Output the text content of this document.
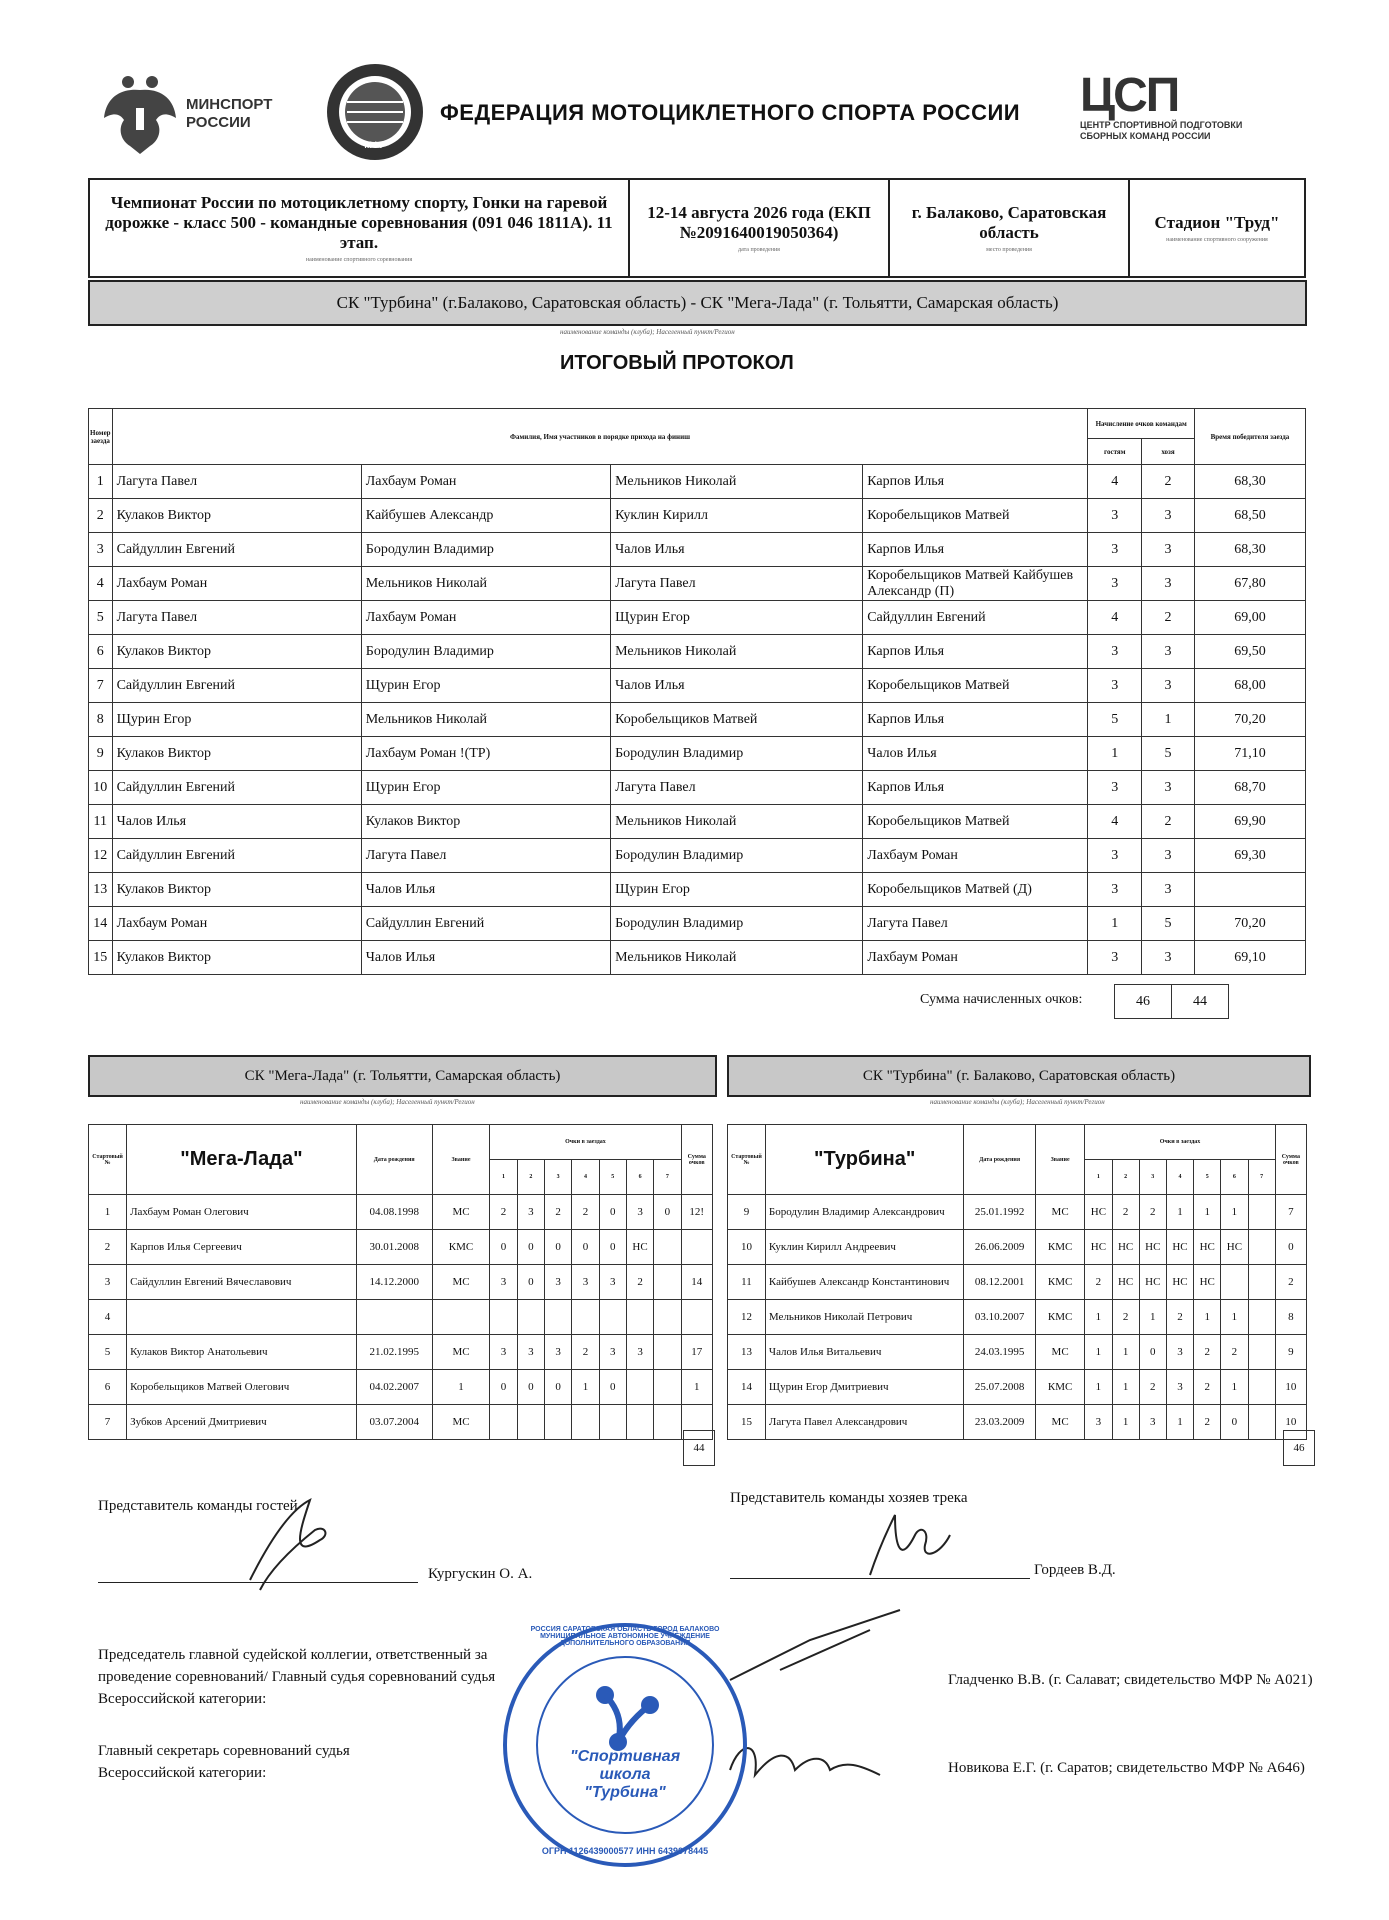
МИНСПОРТ
РОССИИ
МФР
ФЕДЕРАЦИЯ МОТОЦИКЛЕТНОГО СПОРТА РОССИИ ЦСП
ЦЕНТР СПОРТИВНОЙ ПОДГОТОВКИ
СБОРНЫХ КОМАНД РОССИИ
Чемпионат России по мотоциклетному спорту, Гонки на гаревой дорожке - класс 500 - командные соревнования (091 046 1811А). 11 этап.
наименование спортивного соревнования
	12-14 августа 2026 года (ЕКП №2091640019050364)
дата проведения
	г. Балаково, Саратовская область
место проведения
	Стадион "Труд"
наименование спортивного сооружения
СК "Турбина" (г.Балаково, Саратовская область) - СК "Мега-Лада" (г. Тольятти, Самарская область)
наименование команды (клуба); Населенный пункт/Регион
ИТОГОВЫЙ ПРОТОКОЛ
Номер заезда	Фамилия, Имя участников в порядке прихода на финиш				Начисление очков командам		Время победителя заезда
					гостям	хозя	
1	Лагута Павел	Лахбаум Роман	Мельников Николай	Карпов Илья	4	2	68,30
2	Кулаков Виктор	Кайбушев Александр	Куклин Кирилл	Коробельщиков Матвей	3	3	68,50
3	Сайдуллин Евгений	Бородулин Владимир	Чалов Илья	Карпов Илья	3	3	68,30
4	Лахбаум Роман	Мельников Николай	Лагута Павел	Коробельщиков Матвей Кайбушев Александр (П)	3	3	67,80
5	Лагута Павел	Лахбаум Роман	Щурин Егор	Сайдуллин Евгений	4	2	69,00
6	Кулаков Виктор	Бородулин Владимир	Мельников Николай	Карпов Илья	3	3	69,50
7	Сайдуллин Евгений	Щурин Егор	Чалов Илья	Коробельщиков Матвей	3	3	68,00
8	Щурин Егор	Мельников Николай	Коробельщиков Матвей	Карпов Илья	5	1	70,20
9	Кулаков Виктор	Лахбаум Роман !(ТР)	Бородулин Владимир	Чалов Илья	1	5	71,10
10	Сайдуллин Евгений	Щурин Егор	Лагута Павел	Карпов Илья	3	3	68,70
11	Чалов Илья	Кулаков Виктор	Мельников Николай	Коробельщиков Матвей	4	2	69,90
12	Сайдуллин Евгений	Лагута Павел	Бородулин Владимир	Лахбаум Роман	3	3	69,30
13	Кулаков Виктор	Чалов Илья	Щурин Егор	Коробельщиков Матвей (Д)	3	3	
14	Лахбаум Роман	Сайдуллин Евгений	Бородулин Владимир	Лагута Павел	1	5	70,20
15	Кулаков Виктор	Чалов Илья	Мельников Николай	Лахбаум Роман	3	3	69,10
Сумма начисленных очков:	46	44
СК "Мега-Лада" (г. Тольятти, Самарская область)	СК "Турбина" (г. Балаково, Саратовская область)
наименование команды (клуба); Населенный пункт/Регион	наименование команды (клуба); Населенный пункт/Регион
Стартовый №	"Мега-Лада"	Дата рождения	Звание	Очки в заездах							Сумма очков
				1	2	3	4	5	6	7	
1	Лахбаум Роман Олегович	04.08.1998	МС	2	3	2	2	0	3	0	12!
2	Карпов Илья Сергеевич	30.01.2008	КМС	0	0	0	0	0	НС		
3	Сайдуллин Евгений Вячеславович	14.12.2000	МС	3	0	3	3	3	2		14
4											
5	Кулаков Виктор Анатольевич	21.02.1995	МС	3	3	3	2	3	3		17
6	Коробельщиков Матвей Олегович	04.02.2007	1	0	0	0	1	0			1
7	Зубков Арсений Дмитриевич	03.07.2004	МС								
44
Стартовый №	"Турбина"	Дата рождения	Звание	Очки в заездах							Сумма очков
				1	2	3	4	5	6	7	
9	Бородулин Владимир Александрович	25.01.1992	МС	НС	2	2	1	1	1		7
10	Куклин Кирилл Андреевич	26.06.2009	КМС	НС	НС	НС	НС	НС	НС		0
11	Кайбушев Александр Константинович	08.12.2001	КМС	2	НС	НС	НС	НС			2
12	Мельников Николай Петрович	03.10.2007	КМС	1	2	1	2	1	1		8
13	Чалов Илья Витальевич	24.03.1995	МС	1	1	0	3	2	2		9
14	Щурин Егор Дмитриевич	25.07.2008	КМС	1	1	2	3	2	1		10
15	Лагута Павел Александрович	23.03.2009	МС	3	1	3	1	2	0		10
46
Представитель команды гостей
Кургускин О. А.
Представитель команды хозяев трека
Гордеев В.Д.
Председатель главной судейской коллегии, ответственный за проведение соревнований/ Главный судья соревнований судья Всероссийской категории:
Гладченко В.В. (г. Салават; свидетельство МФР № А021)
Главный секретарь соревнований судья Всероссийской категории:	Новикова Е.Г. (г. Саратов; свидетельство МФР № А646)
"Спортивная
школа
"Турбина"
РОССИЯ САРАТОВСКАЯ ОБЛАСТЬ ГОРОД БАЛАКОВО МУНИЦИПАЛЬНОЕ АВТОНОМНОЕ УЧРЕЖДЕНИЕ ДОПОЛНИТЕЛЬНОГО ОБРАЗОВАНИЯ
ОГРН 1126439000577 ИНН 6439078445
